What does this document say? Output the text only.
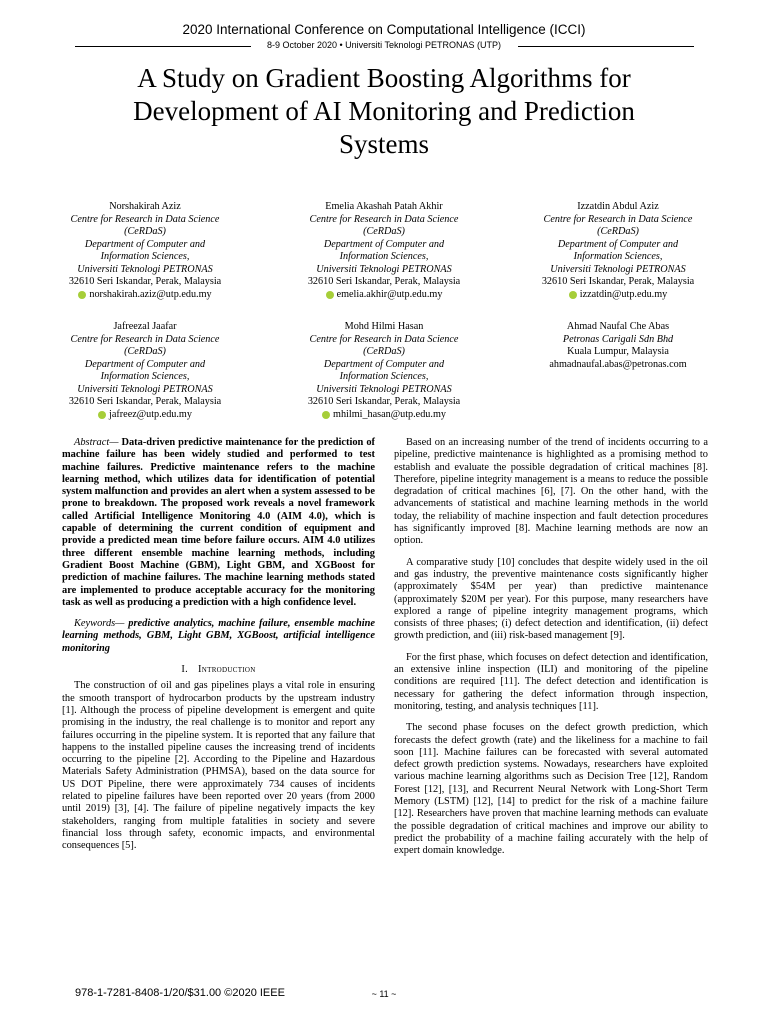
2020 International Conference on Computational Intelligence (ICCI)
8-9 October 2020 • Universiti Teknologi PETRONAS (UTP)
A Study on Gradient Boosting Algorithms for
Development of AI Monitoring and Prediction
Systems
Norshakirah Aziz
Centre for Research in Data Science
(CeRDaS)
Department of Computer and
Information Sciences,
Universiti Teknologi PETRONAS
32610 Seri Iskandar, Perak, Malaysia
norshakirah.aziz@utp.edu.my
Emelia Akashah Patah Akhir
Centre for Research in Data Science
(CeRDaS)
Department of Computer and
Information Sciences,
Universiti Teknologi PETRONAS
32610 Seri Iskandar, Perak, Malaysia
emelia.akhir@utp.edu.my
Izzatdin Abdul Aziz
Centre for Research in Data Science
(CeRDaS)
Department of Computer and
Information Sciences,
Universiti Teknologi PETRONAS
32610 Seri Iskandar, Perak, Malaysia
izzatdin@utp.edu.my
Jafreezal Jaafar
Centre for Research in Data Science
(CeRDaS)
Department of Computer and
Information Sciences,
Universiti Teknologi PETRONAS
32610 Seri Iskandar, Perak, Malaysia
jafreez@utp.edu.my
Mohd Hilmi Hasan
Centre for Research in Data Science
(CeRDaS)
Department of Computer and
Information Sciences,
Universiti Teknologi PETRONAS
32610 Seri Iskandar, Perak, Malaysia
mhilmi_hasan@utp.edu.my
Ahmad Naufal Che Abas
Petronas Carigali Sdn Bhd
Kuala Lumpur, Malaysia
ahmadnaufal.abas@petronas.com

Abstract— Data-driven predictive maintenance for the prediction of machine failure has been widely studied and performed to test machine failures. Predictive maintenance refers to the machine learning method, which utilizes data for identification of potential system malfunction and provides an alert when a system assessed to be prone to breakdown. The proposed work reveals a novel framework called Artificial Intelligence Monitoring 4.0 (AIM 4.0), which is capable of determining the current condition of equipment and provide a predicted mean time before failure occurs. AIM 4.0 utilizes three different ensemble machine learning methods, including Gradient Boost Machine (GBM), Light GBM, and XGBoost for prediction of machine failures. The machine learning methods stated are implemented to produce acceptable accuracy for the monitoring task as well as producing a prediction with a high confidence level.

Keywords— predictive analytics, machine failure, ensemble machine learning methods, GBM, Light GBM, XGBoost, artificial intelligence monitoring

I. Introduction

The construction of oil and gas pipelines plays a vital role in ensuring the smooth transport of hydrocarbon products by the upstream industry [1]. Although the process of pipeline development is emergent and quite promising in the industry, the real challenge is to monitor and report any failures occurring in the pipeline system. It is reported that any failure that happens to the installed pipeline causes the increasing trend of incidents occurring to the pipeline [2]. According to the Pipeline and Hazardous Materials Safety Administration (PHMSA), based on the data source for US DOT Pipeline, there were approximately 734 causes of incidents related to pipeline failures have been reported over 20 years (from 2000 until 2019) [3], [4]. The failure of pipeline negatively impacts the key stakeholders, ranging from multiple fatalities in society and severe financial loss through safety, economic impacts, and environmental consequences [5].

Based on an increasing number of the trend of incidents occurring to a pipeline, predictive maintenance is highlighted as a promising method to establish and evaluate the possible degradation of critical machines [8]. Therefore, pipeline integrity management is a means to reduce the possible degradation of critical machines [6], [7]. On the other hand, with the advancements of statistical and machine learning methods in the world today, the reliability of machine inspection and fault detection procedures has significantly improved [8]. Machine learning methods are now an option.

A comparative study [10] concludes that despite widely used in the oil and gas industry, the preventive maintenance costs significantly higher (approximately $54M per year) than predictive maintenance (approximately $20M per year). For this purpose, many researchers have explored a range of pipeline integrity management programs, which consists of three phases; (i) defect detection and identification, (ii) defect growth prediction, and (iii) risk-based management [9].

For the first phase, which focuses on defect detection and identification, an extensive inline inspection (ILI) and monitoring of the pipeline conditions are required [11]. The defect detection and identification is necessary for gathering the defect information through inspection, monitoring, testing, and analysis techniques [11].

The second phase focuses on the defect growth prediction, which forecasts the defect growth (rate) and the likeliness for a machine to fail soon [11]. Machine failures can be forecasted with several automated defect growth prediction systems. Nowadays, researchers have exploited various machine learning algorithms such as Decision Tree [12], Random Forest [12], [13], and Recurrent Neural Network with Long-Short Term Memory (LSTM) [12], [14] to predict for the risk of a machine failure [12]. Researchers have proven that machine learning methods can evaluate the possible degradation of critical machines and improve our ability to predict the probability of a machine failing accurately with the help of expert domain knowledge.

978-1-7281-8408-1/20/$31.00 ©2020 IEEE	~ 11 ~
